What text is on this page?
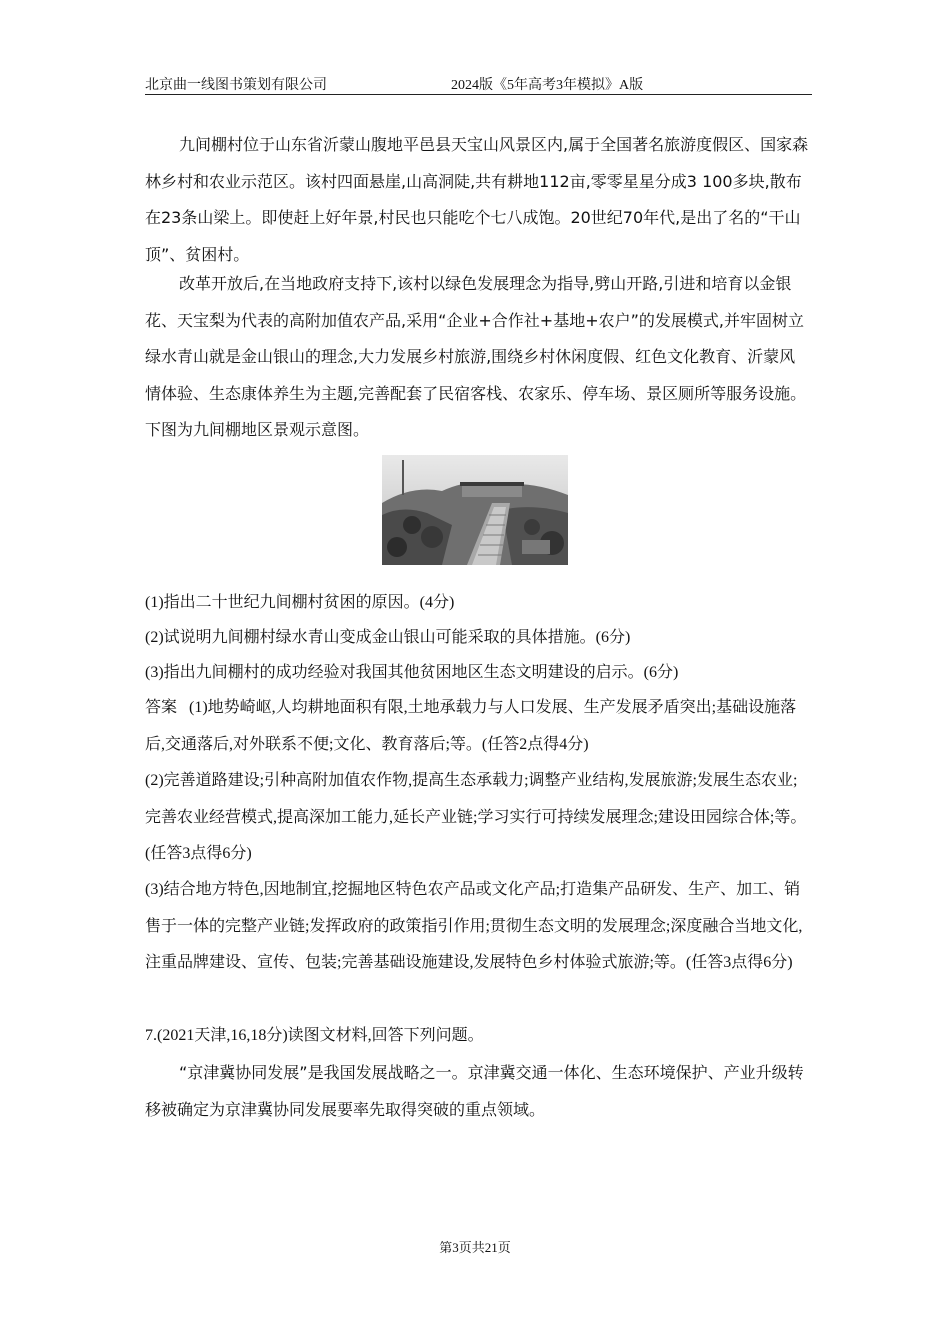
北京曲一线图书策划有限公司	2024版《5年高考3年模拟》A版
九间棚村位于山东省沂蒙山腹地平邑县天宝山风景区内,属于全国著名旅游度假区、国家森林乡村和农业示范区。该村四面悬崖,山高洞陡,共有耕地112亩,零零星星分成3 100多块,散布在23条山梁上。即使赶上好年景,村民也只能吃个七八成饱。20世纪70年代,是出了名的“干山顶”、贫困村。
改革开放后,在当地政府支持下,该村以绿色发展理念为指导,劈山开路,引进和培育以金银花、天宝梨为代表的高附加值农产品,采用“企业+合作社+基地+农户”的发展模式,并牢固树立绿水青山就是金山银山的理念,大力发展乡村旅游,围绕乡村休闲度假、红色文化教育、沂蒙风情体验、生态康体养生为主题,完善配套了民宿客栈、农家乐、停车场、景区厕所等服务设施。下图为九间棚地区景观示意图。
(1)指出二十世纪九间棚村贫困的原因。(4分)
(2)试说明九间棚村绿水青山变成金山银山可能采取的具体措施。(6分)
(3)指出九间棚村的成功经验对我国其他贫困地区生态文明建设的启示。(6分)
答案 (1)地势崎岖,人均耕地面积有限,土地承载力与人口发展、生产发展矛盾突出;基础设施落后,交通落后,对外联系不便;文化、教育落后;等。(任答2点得4分)
(2)完善道路建设;引种高附加值农作物,提高生态承载力;调整产业结构,发展旅游;发展生态农业;完善农业经营模式,提高深加工能力,延长产业链;学习实行可持续发展理念;建设田园综合体;等。(任答3点得6分)
(3)结合地方特色,因地制宜,挖掘地区特色农产品或文化产品;打造集产品研发、生产、加工、销售于一体的完整产业链;发挥政府的政策指引作用;贯彻生态文明的发展理念;深度融合当地文化,注重品牌建设、宣传、包装;完善基础设施建设,发展特色乡村体验式旅游;等。(任答3点得6分)
7.(2021天津,16,18分)读图文材料,回答下列问题。
“京津冀协同发展”是我国发展战略之一。京津冀交通一体化、生态环境保护、产业升级转移被确定为京津冀协同发展要率先取得突破的重点领域。
第3页共21页
